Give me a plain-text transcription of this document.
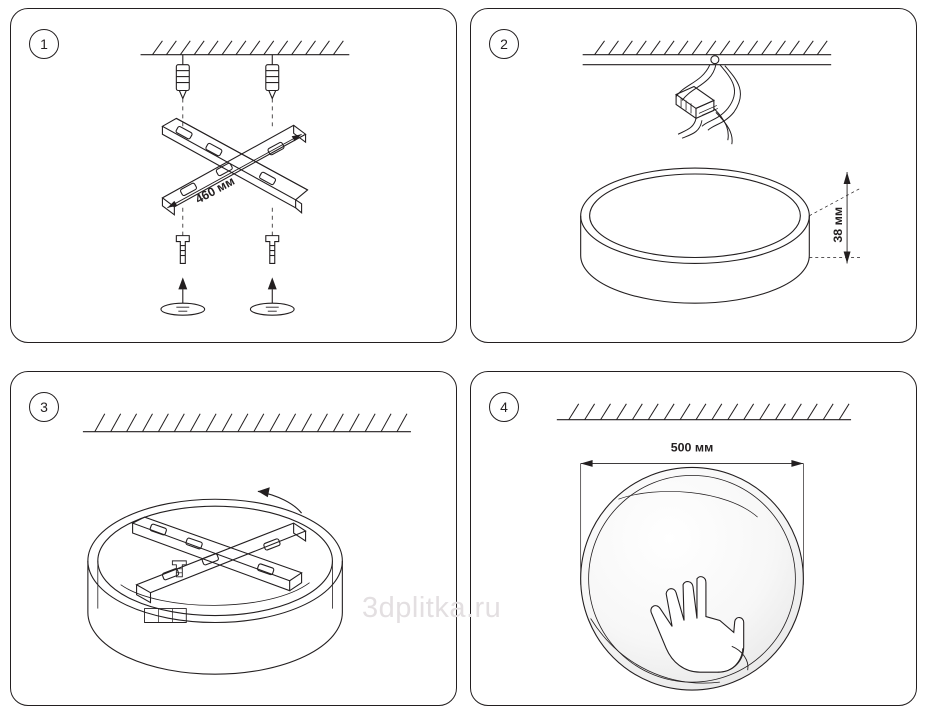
1
460 мм
2
38 мм
3	4
500 мм
3dplitka.ru
